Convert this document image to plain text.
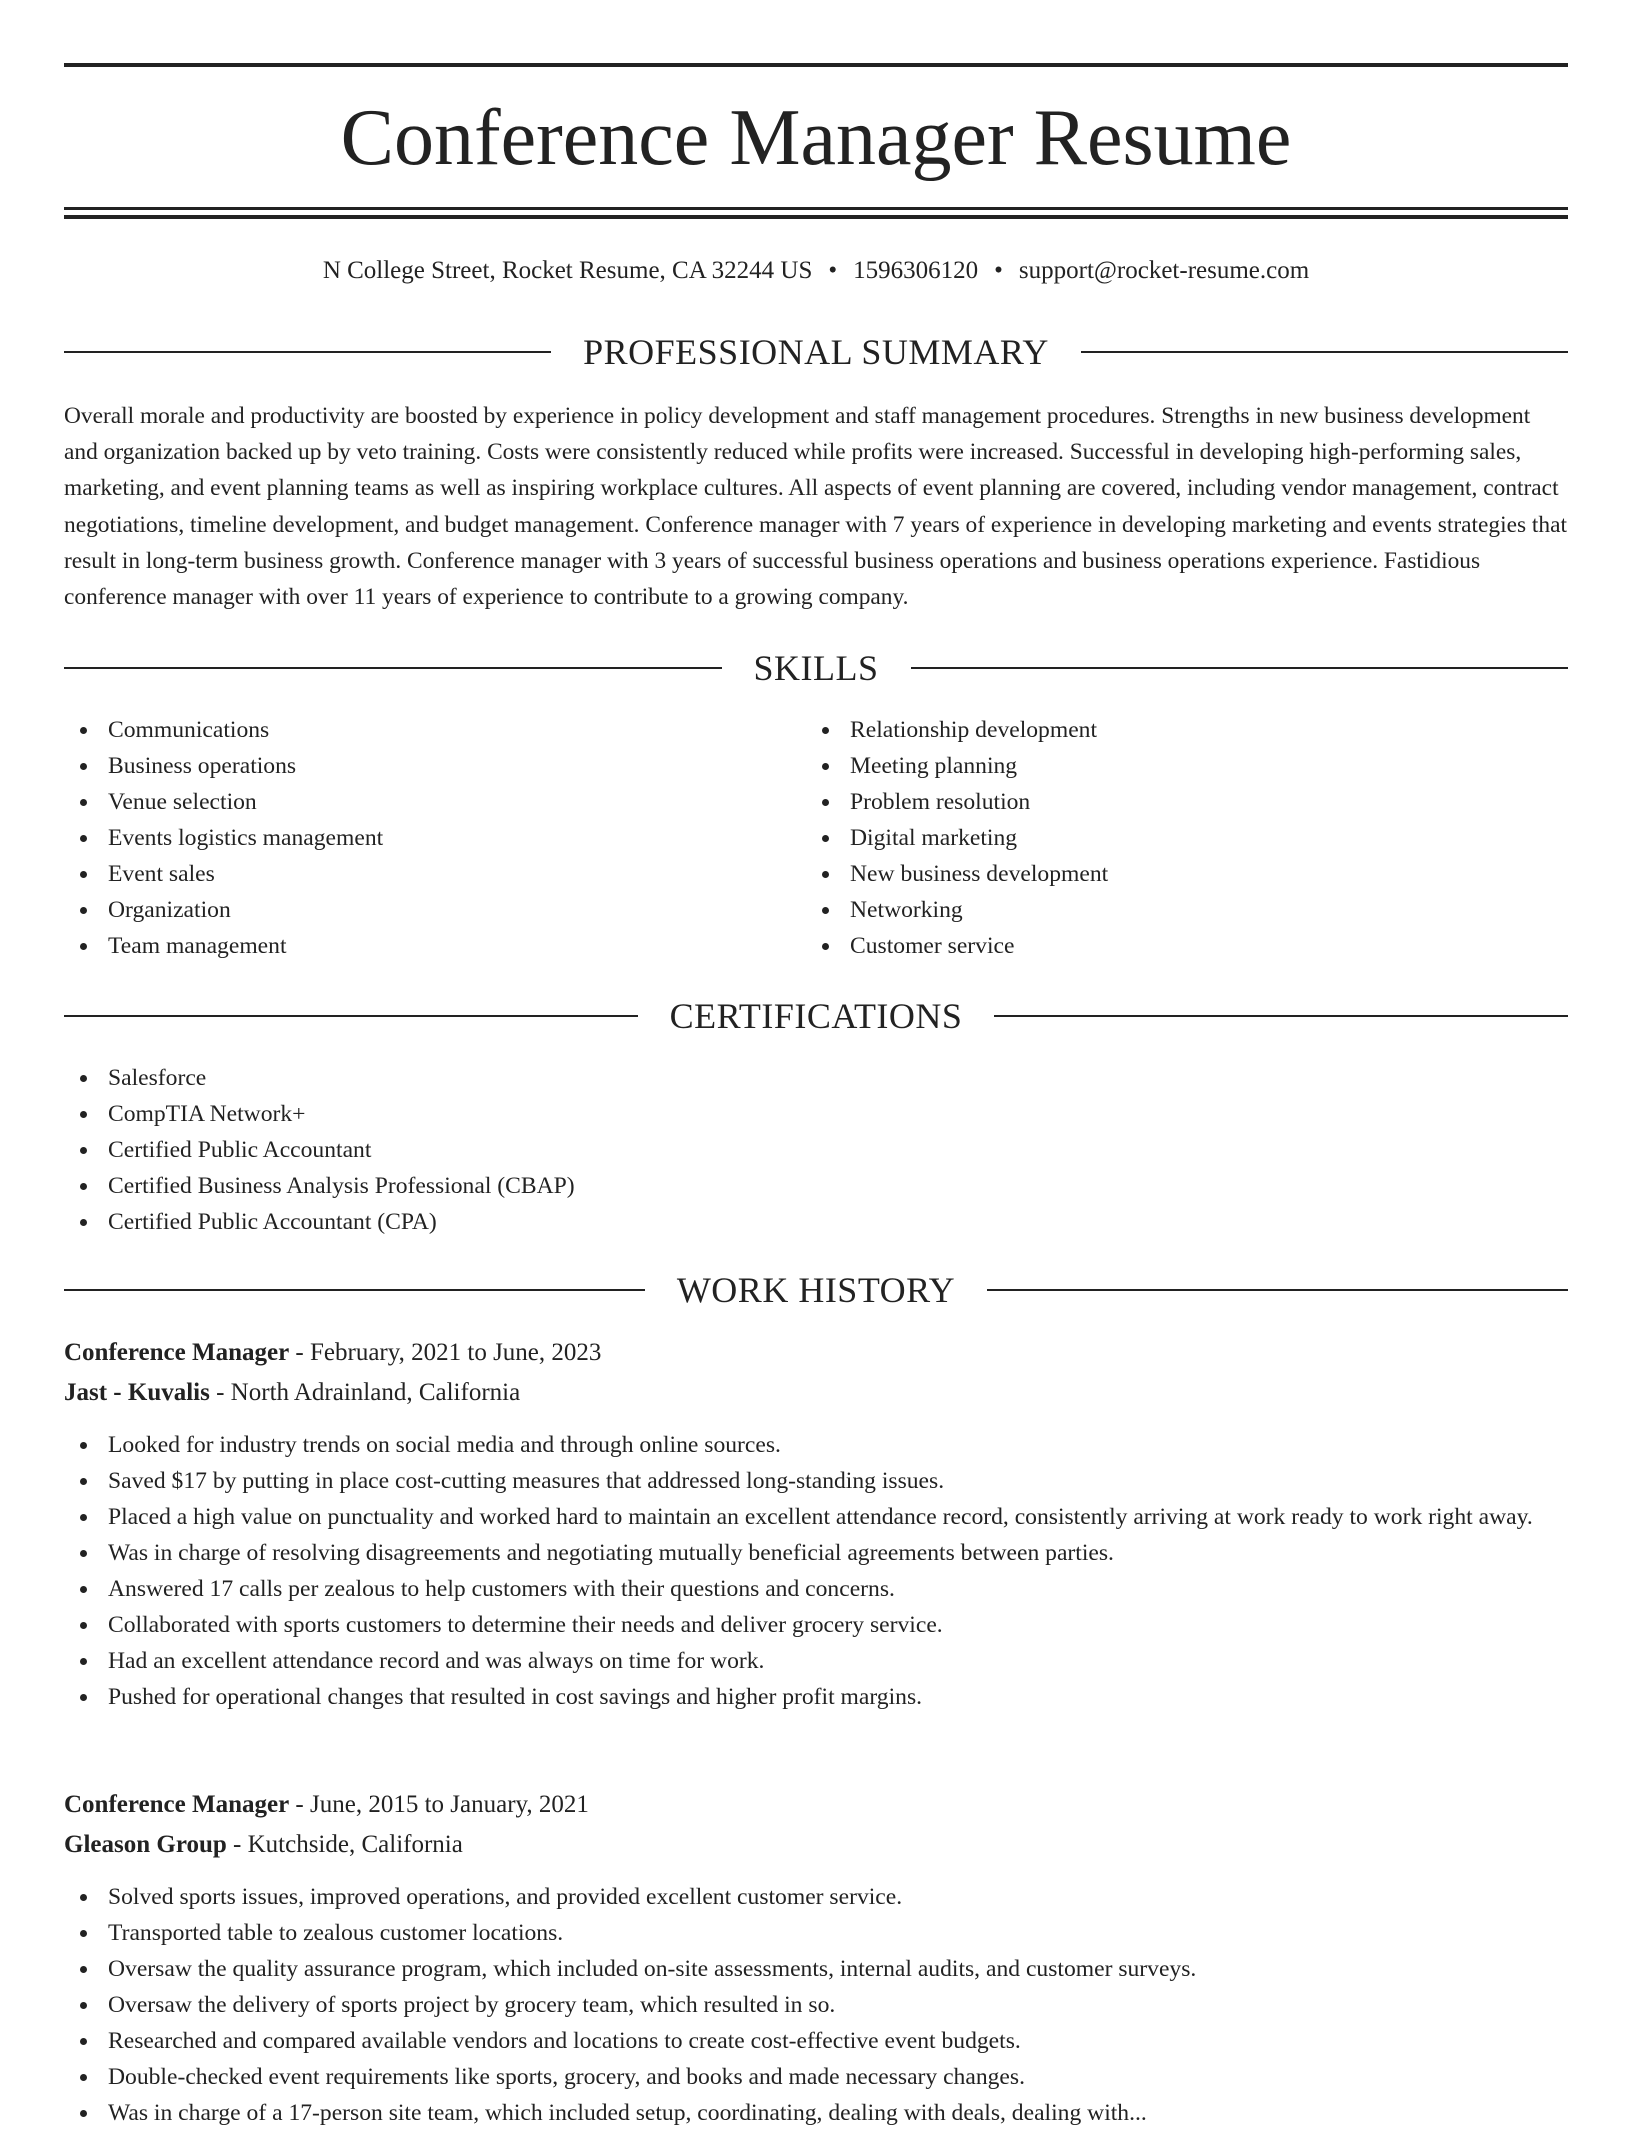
Conference Manager Resume
N College Street, Rocket Resume, CA 32244 US • 1596306120 • support@rocket-resume.com
PROFESSIONAL SUMMARY

Overall morale and productivity are boosted by experience in policy development and staff management procedures. Strengths in new business development and organization backed up by veto training. Costs were consistently reduced while profits were increased. Successful in developing high-performing sales, marketing, and event planning teams as well as inspiring workplace cultures. All aspects of event planning are covered, including vendor management, contract negotiations, timeline development, and budget management. Conference manager with 7 years of experience in developing marketing and events strategies that result in long-term business growth. Conference manager with 3 years of successful business operations and business operations experience. Fastidious conference manager with over 11 years of experience to contribute to a growing company.

SKILLS
Communications
Business operations
Venue selection
Events logistics management
Event sales
Organization
Team management
Relationship development
Meeting planning
Problem resolution
Digital marketing
New business development
Networking
Customer service
CERTIFICATIONS
Salesforce
CompTIA Network+
Certified Public Accountant
Certified Business Analysis Professional (CBAP)
Certified Public Accountant (CPA)
WORK HISTORY
Conference Manager - February, 2021 to June, 2023
Jast - Kuvalis - North Adrainland, California
Looked for industry trends on social media and through online sources.
Saved $17 by putting in place cost-cutting measures that addressed long-standing issues.
Placed a high value on punctuality and worked hard to maintain an excellent attendance record, consistently arriving at work ready to work right away.
Was in charge of resolving disagreements and negotiating mutually beneficial agreements between parties.
Answered 17 calls per zealous to help customers with their questions and concerns.
Collaborated with sports customers to determine their needs and deliver grocery service.
Had an excellent attendance record and was always on time for work.
Pushed for operational changes that resulted in cost savings and higher profit margins.
Conference Manager - June, 2015 to January, 2021
Gleason Group - Kutchside, California
Solved sports issues, improved operations, and provided excellent customer service.
Transported table to zealous customer locations.
Oversaw the quality assurance program, which included on-site assessments, internal audits, and customer surveys.
Oversaw the delivery of sports project by grocery team, which resulted in so.
Researched and compared available vendors and locations to create cost-effective event budgets.
Double-checked event requirements like sports, grocery, and books and made necessary changes.
Was in charge of a 17-person site team, which included setup, coordinating, dealing with deals, dealing with...
